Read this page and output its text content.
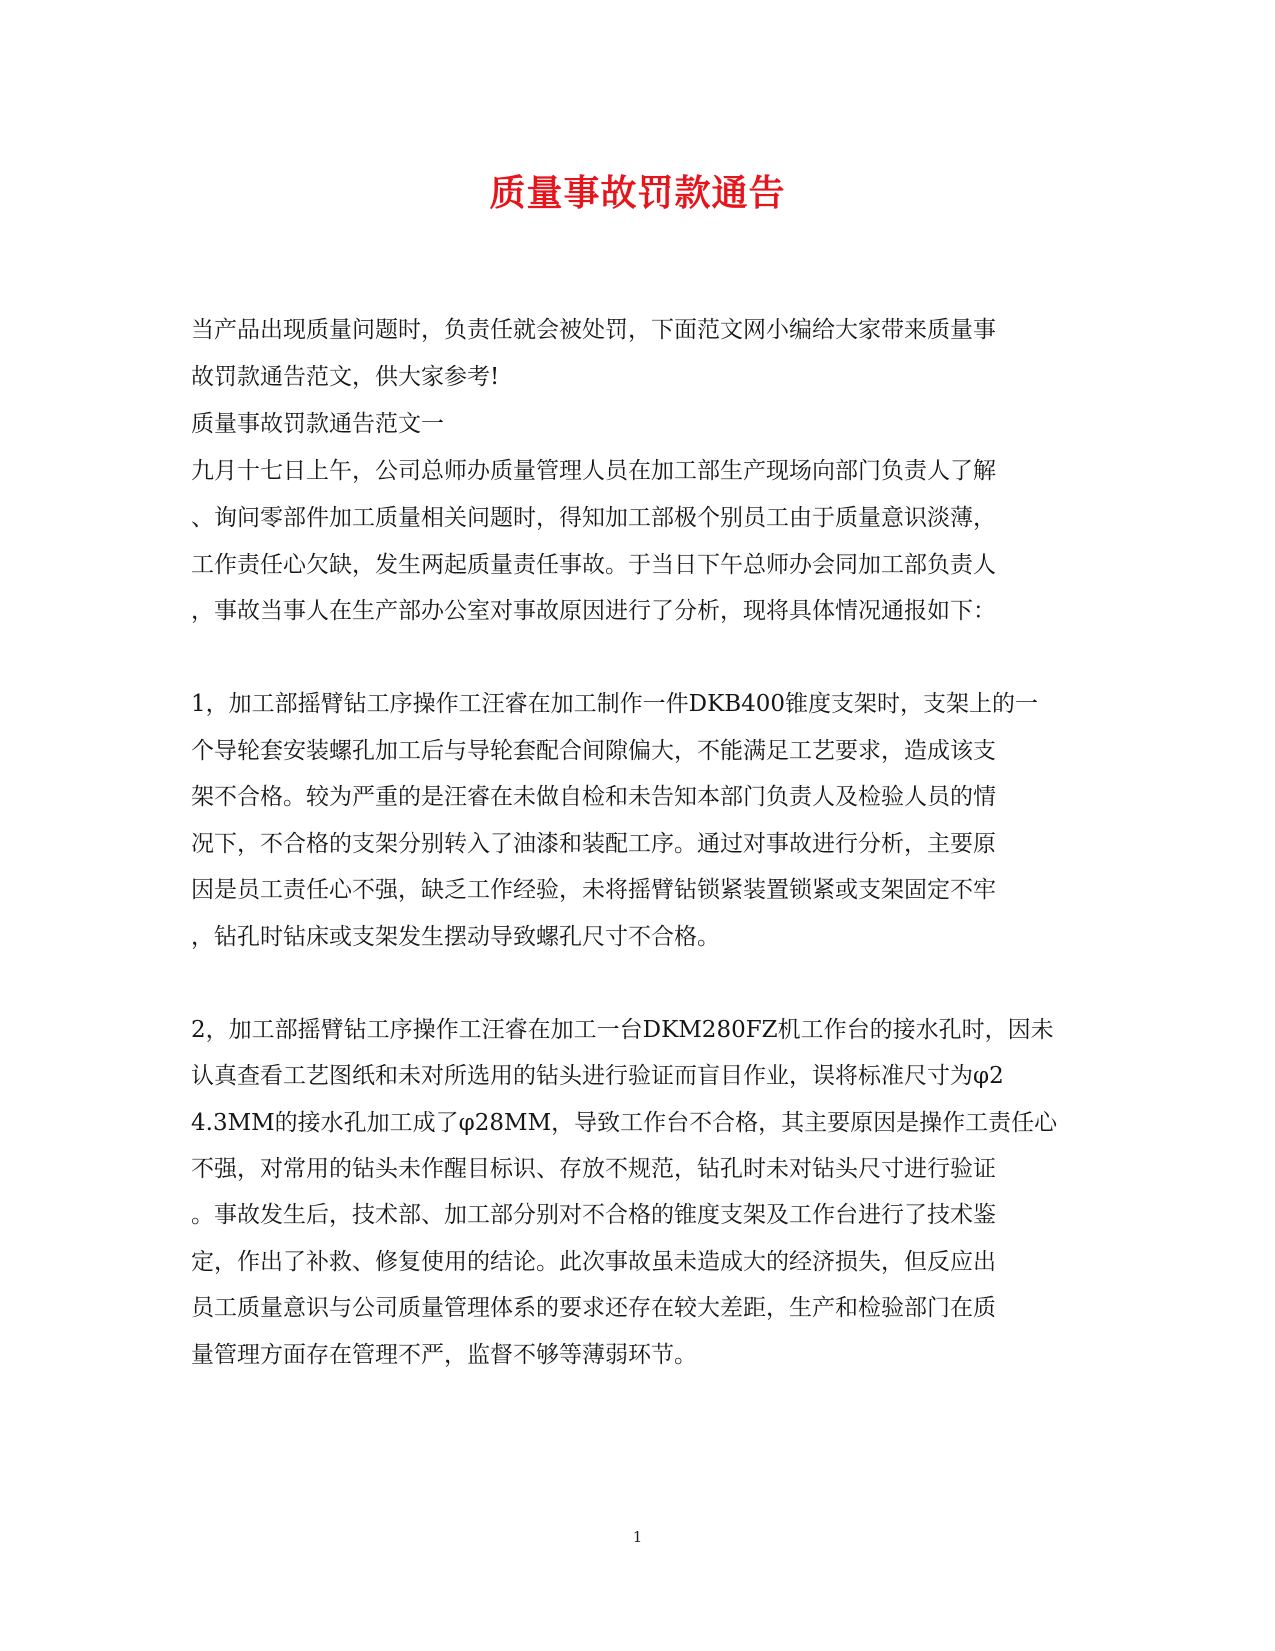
质量事故罚款通告
当产品出现质量问题时，负责任就会被处罚，下面范文网小编给大家带来质量事
故罚款通告范文，供大家参考!
质量事故罚款通告范文一
九月十七日上午，公司总师办质量管理人员在加工部生产现场向部门负责人了解
、询问零部件加工质量相关问题时，得知加工部极个别员工由于质量意识淡薄，
工作责任心欠缺，发生两起质量责任事故。于当日下午总师办会同加工部负责人
，事故当事人在生产部办公室对事故原因进行了分析，现将具体情况通报如下：
1，加工部摇臂钻工序操作工汪睿在加工制作一件DKB400锥度支架时，支架上的一
个导轮套安装螺孔加工后与导轮套配合间隙偏大，不能满足工艺要求，造成该支
架不合格。较为严重的是汪睿在未做自检和未告知本部门负责人及检验人员的情
况下，不合格的支架分别转入了油漆和装配工序。通过对事故进行分析，主要原
因是员工责任心不强，缺乏工作经验，未将摇臂钻锁紧装置锁紧或支架固定不牢
，钻孔时钻床或支架发生摆动导致螺孔尺寸不合格。
2，加工部摇臂钻工序操作工汪睿在加工一台DKM280FZ机工作台的接水孔时，因未
认真查看工艺图纸和未对所选用的钻头进行验证而盲目作业，误将标准尺寸为φ2
4.3MM的接水孔加工成了φ28MM，导致工作台不合格，其主要原因是操作工责任心
不强，对常用的钻头未作醒目标识、存放不规范，钻孔时未对钻头尺寸进行验证
。事故发生后，技术部、加工部分别对不合格的锥度支架及工作台进行了技术鉴
定，作出了补救、修复使用的结论。此次事故虽未造成大的经济损失，但反应出
员工质量意识与公司质量管理体系的要求还存在较大差距，生产和检验部门在质
量管理方面存在管理不严，监督不够等薄弱环节。
1
